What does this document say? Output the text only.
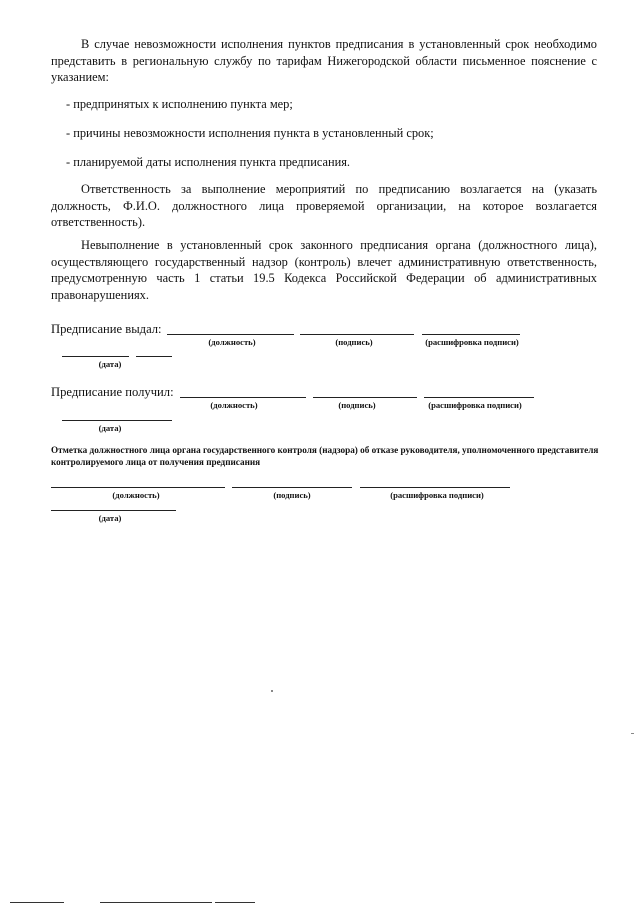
В случае невозможности исполнения пунктов предписания в установленный срок необходимо представить в региональную службу по тарифам Нижегородской области письменное пояснение с указанием:
- предпринятых к исполнению пункта мер;
- причины невозможности исполнения пункта в установленный срок;
- планируемой даты исполнения пункта предписания.
Ответственность за выполнение мероприятий по предписанию возлагается на (указать должность, Ф.И.О. должностного лица проверяемой организации, на которое возлагается ответственность).
Невыполнение в установленный срок законного предписания органа (должностного лица), осуществляющего государственный надзор (контроль) влечет административную ответственность, предусмотренную часть 1 статьи 19.5 Кодекса Российской Федерации об административных правонарушениях.
Предписание выдал:
(должность)	(подпись)	(расшифровка подписи)
(дата)
Предписание получил:
(должность)	(подпись)	(расшифровка подписи)
(дата)
Отметка должностного лица органа государственного контроля (надзора) об отказе руководителя, уполномоченного представителя контролируемого лица от получения предписания
(должность)	(подпись)	(расшифровка подписи)
(дата)
